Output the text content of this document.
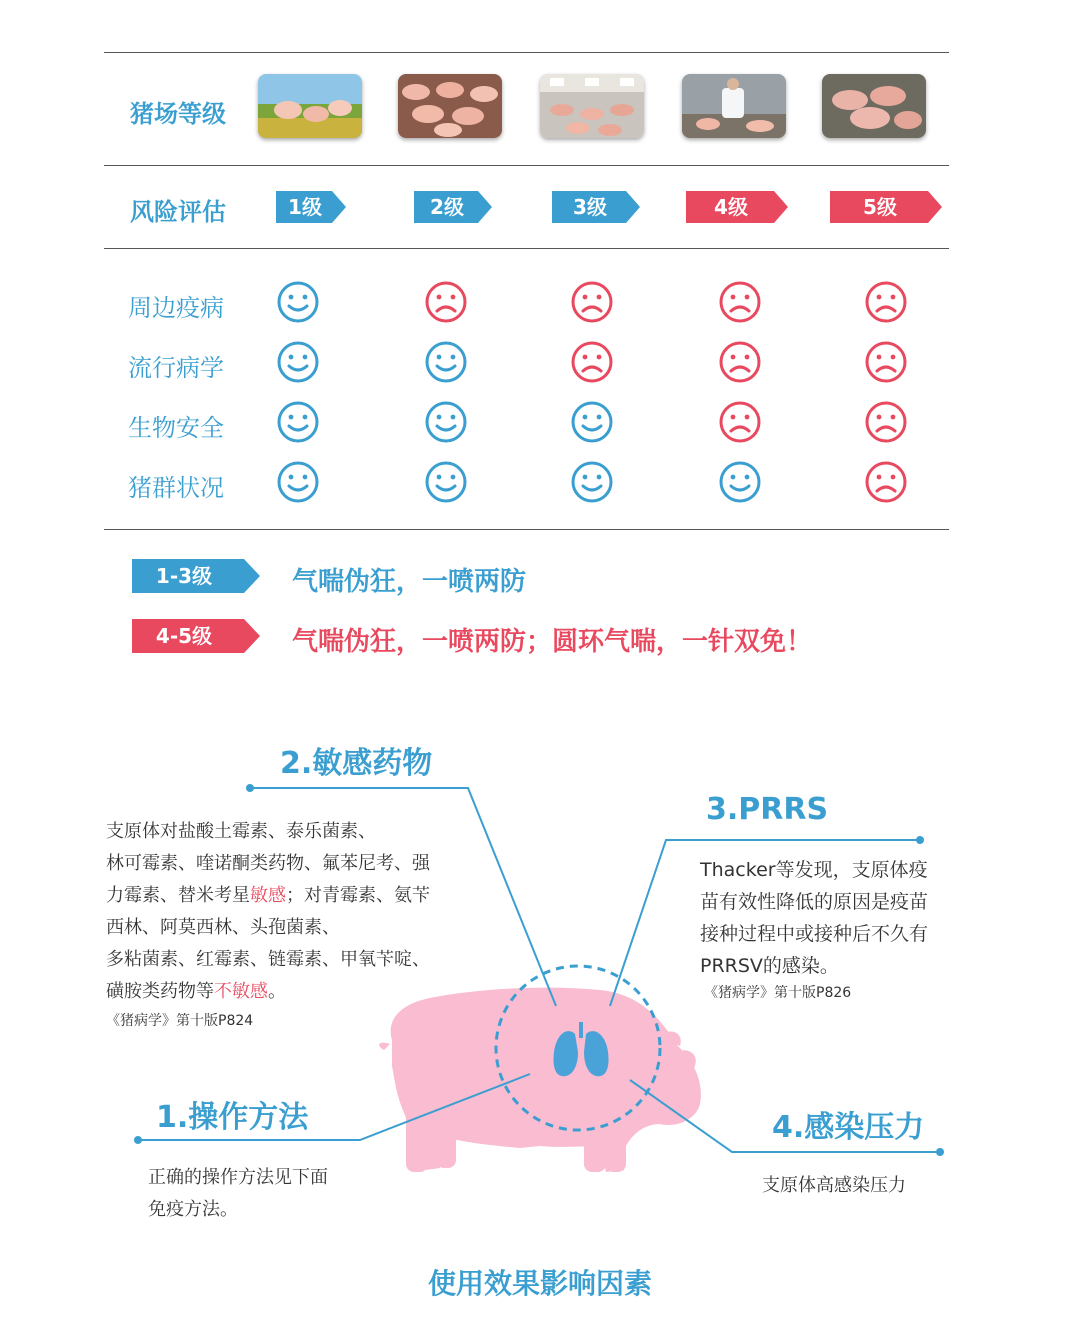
猪场等级
风险评估	1级	2级	3级	4级	5级
周边疫病
流行病学
生物安全
猪群状况
1-3级	气喘伪狂，一喷两防
4-5级	气喘伪狂，一喷两防；圆环气喘，一针双免！
2.敏感药物
支原体对盐酸土霉素、泰乐菌素、
林可霉素、喹诺酮类药物、氟苯尼考、强
力霉素、替米考星敏感；对青霉素、氨苄
西林、阿莫西林、头孢菌素、
多粘菌素、红霉素、链霉素、甲氧苄啶、
磺胺类药物等不敏感。
《猪病学》第十版P824
3.PRRS
Thacker等发现，支原体疫
苗有效性降低的原因是疫苗
接种过程中或接种后不久有
PRRSV的感染。
《猪病学》第十版P826
1.操作方法
正确的操作方法见下面
免疫方法。
4.感染压力
支原体高感染压力
使用效果影响因素
